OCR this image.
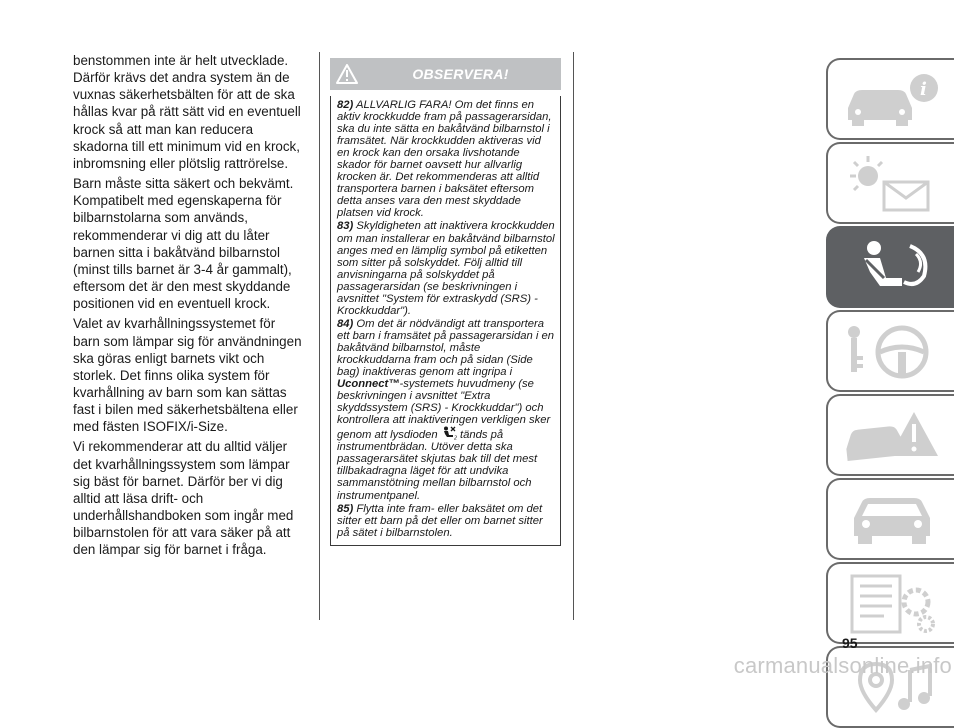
benstommen inte är helt utvecklade. Därför krävs det andra system än de vuxnas säkerhetsbälten för att de ska hållas kvar på rätt sätt vid en eventuell krock så att man kan reducera skadorna till ett minimum vid en krock, inbromsning eller plötslig rattrörelse.

Barn måste sitta säkert och bekvämt. Kompatibelt med egenskaperna för bilbarnstolarna som används, rekommenderar vi dig att du låter barnen sitta i bakåtvänd bilbarnstol (minst tills barnet är 3-4 år gammalt), eftersom det är den mest skyddande positionen vid en eventuell krock.

Valet av kvarhållningssystemet för barn som lämpar sig för användningen ska göras enligt barnets vikt och storlek. Det finns olika system för kvarhållning av barn som kan sättas fast i bilen med säkerhetsbältena eller med fästen ISOFIX/i-Size.

Vi rekommenderar att du alltid väljer det kvarhållningssystem som lämpar sig bäst för barnet. Därför ber vi dig alltid att läsa drift- och underhållshandboken som ingår med bilbarnstolen för att vara säker på att den lämpar sig för barnet i fråga.

OBSERVERA!

82) ALLVARLIG FARA! Om det finns en aktiv krockkudde fram på passagerarsidan, ska du inte sätta en bakåtvänd bilbarnstol i framsätet. När krockkudden aktiveras vid en krock kan den orsaka livshotande skador för barnet oavsett hur allvarlig krocken är. Det rekommenderas att alltid transportera barnen i baksätet eftersom detta anses vara den mest skyddade platsen vid krock.

83) Skyldigheten att inaktivera krockkudden om man installerar en bakåtvänd bilbarnstol anges med en lämplig symbol på etiketten som sitter på solskyddet. Följ alltid till anvisningarna på solskyddet på passagerarsidan (se beskrivningen i avsnittet "System för extraskydd (SRS) - Krockkuddar").

84) Om det är nödvändigt att transportera ett barn i framsätet på passagerarsidan i en bakåtvänd bilbarnstol, måste krockkuddarna fram och på sidan (Side bag) inaktiveras genom att ingripa i Uconnect™-systemets huvudmeny (se beskrivningen i avsnittet "Extra skyddssystem (SRS) - Krockkuddar") och kontrollera att inaktiveringen verkligen sker genom att lysdioden	2 tänds på instrumentbrädan. Utöver detta ska passagerarsätet skjutas bak till det mest tillbakadragna läget för att undvika sammanstötning mellan bilbarnstol och instrumentpanel.

85) Flytta inte fram- eller baksätet om det sitter ett barn på det eller om barnet sitter på sätet i bilbarnstolen.

i
95
carmanualsonline.info
